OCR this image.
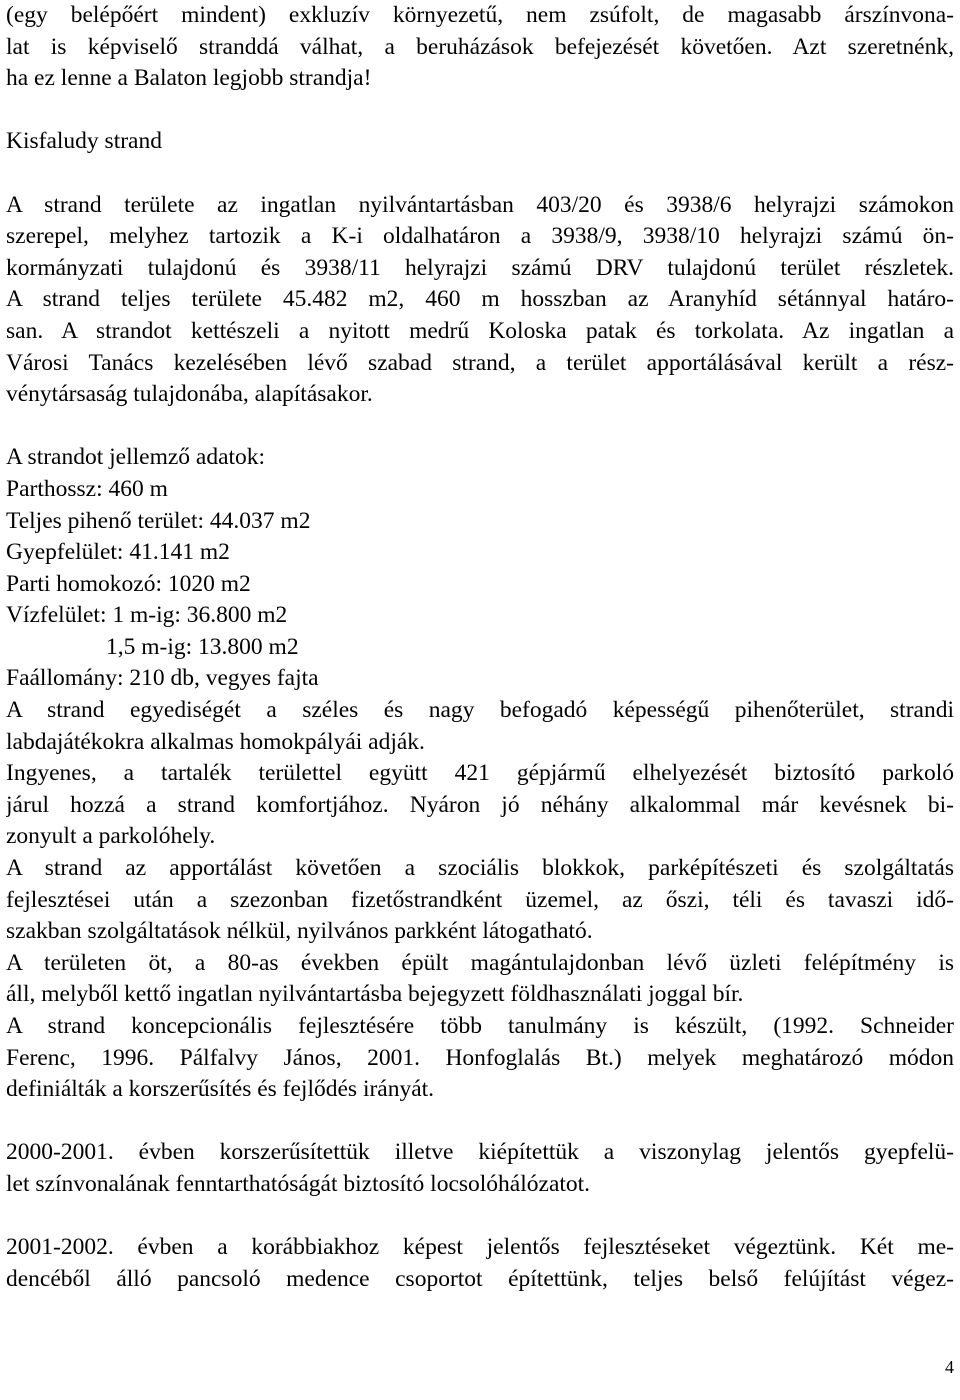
(egy belépőért mindent) exkluzív környezetű, nem zsúfolt, de magasabb árszínvona-
lat is képviselő stranddá válhat, a beruházások befejezését követően. Azt szeretnénk,
ha ez lenne a Balaton legjobb strandja!
Kisfaludy strand
A strand területe az ingatlan nyilvántartásban 403/20 és 3938/6 helyrajzi számokon
szerepel, melyhez tartozik a K-i oldalhatáron a 3938/9, 3938/10 helyrajzi számú ön-
kormányzati tulajdonú és 3938/11 helyrajzi számú DRV tulajdonú terület részletek.
A strand teljes területe 45.482 m2, 460 m hosszban az Aranyhíd sétánnyal határo-
san. A strandot kettészeli a nyitott medrű Koloska patak és torkolata. Az ingatlan a
Városi Tanács kezelésében lévő szabad strand, a terület apportálásával került a rész-
vénytársaság tulajdonába, alapításakor.
A strandot jellemző adatok:
Parthossz: 460 m
Teljes pihenő terület: 44.037 m2
Gyepfelület: 41.141 m2
Parti homokozó: 1020 m2
Vízfelület: 1 m-ig: 36.800 m2
1,5 m-ig: 13.800 m2
Faállomány: 210 db, vegyes fajta
A strand egyediségét a széles és nagy befogadó képességű pihenőterület, strandi
labdajátékokra alkalmas homokpályái adják.
Ingyenes, a tartalék területtel együtt 421 gépjármű elhelyezését biztosító parkoló
járul hozzá a strand komfortjához. Nyáron jó néhány alkalommal már kevésnek bi-
zonyult a parkolóhely.
A strand az apportálást követően a szociális blokkok, parképítészeti és szolgáltatás
fejlesztései után a szezonban fizetőstrandként üzemel, az őszi, téli és tavaszi idő-
szakban szolgáltatások nélkül, nyilvános parkként látogatható.
A területen öt, a 80-as években épült magántulajdonban lévő üzleti felépítmény is
áll, melyből kettő ingatlan nyilvántartásba bejegyzett földhasználati joggal bír.
A strand koncepcionális fejlesztésére több tanulmány is készült, (1992. Schneider
Ferenc, 1996. Pálfalvy János, 2001. Honfoglalás Bt.) melyek meghatározó módon
definiálták a korszerűsítés és fejlődés irányát.
2000-2001. évben korszerűsítettük illetve kiépítettük a viszonylag jelentős gyepfelü-
let színvonalának fenntarthatóságát biztosító locsolóhálózatot.
2001-2002. évben a korábbiakhoz képest jelentős fejlesztéseket végeztünk. Két me-
dencéből álló pancsoló medence csoportot építettünk, teljes belső felújítást végez-
4
